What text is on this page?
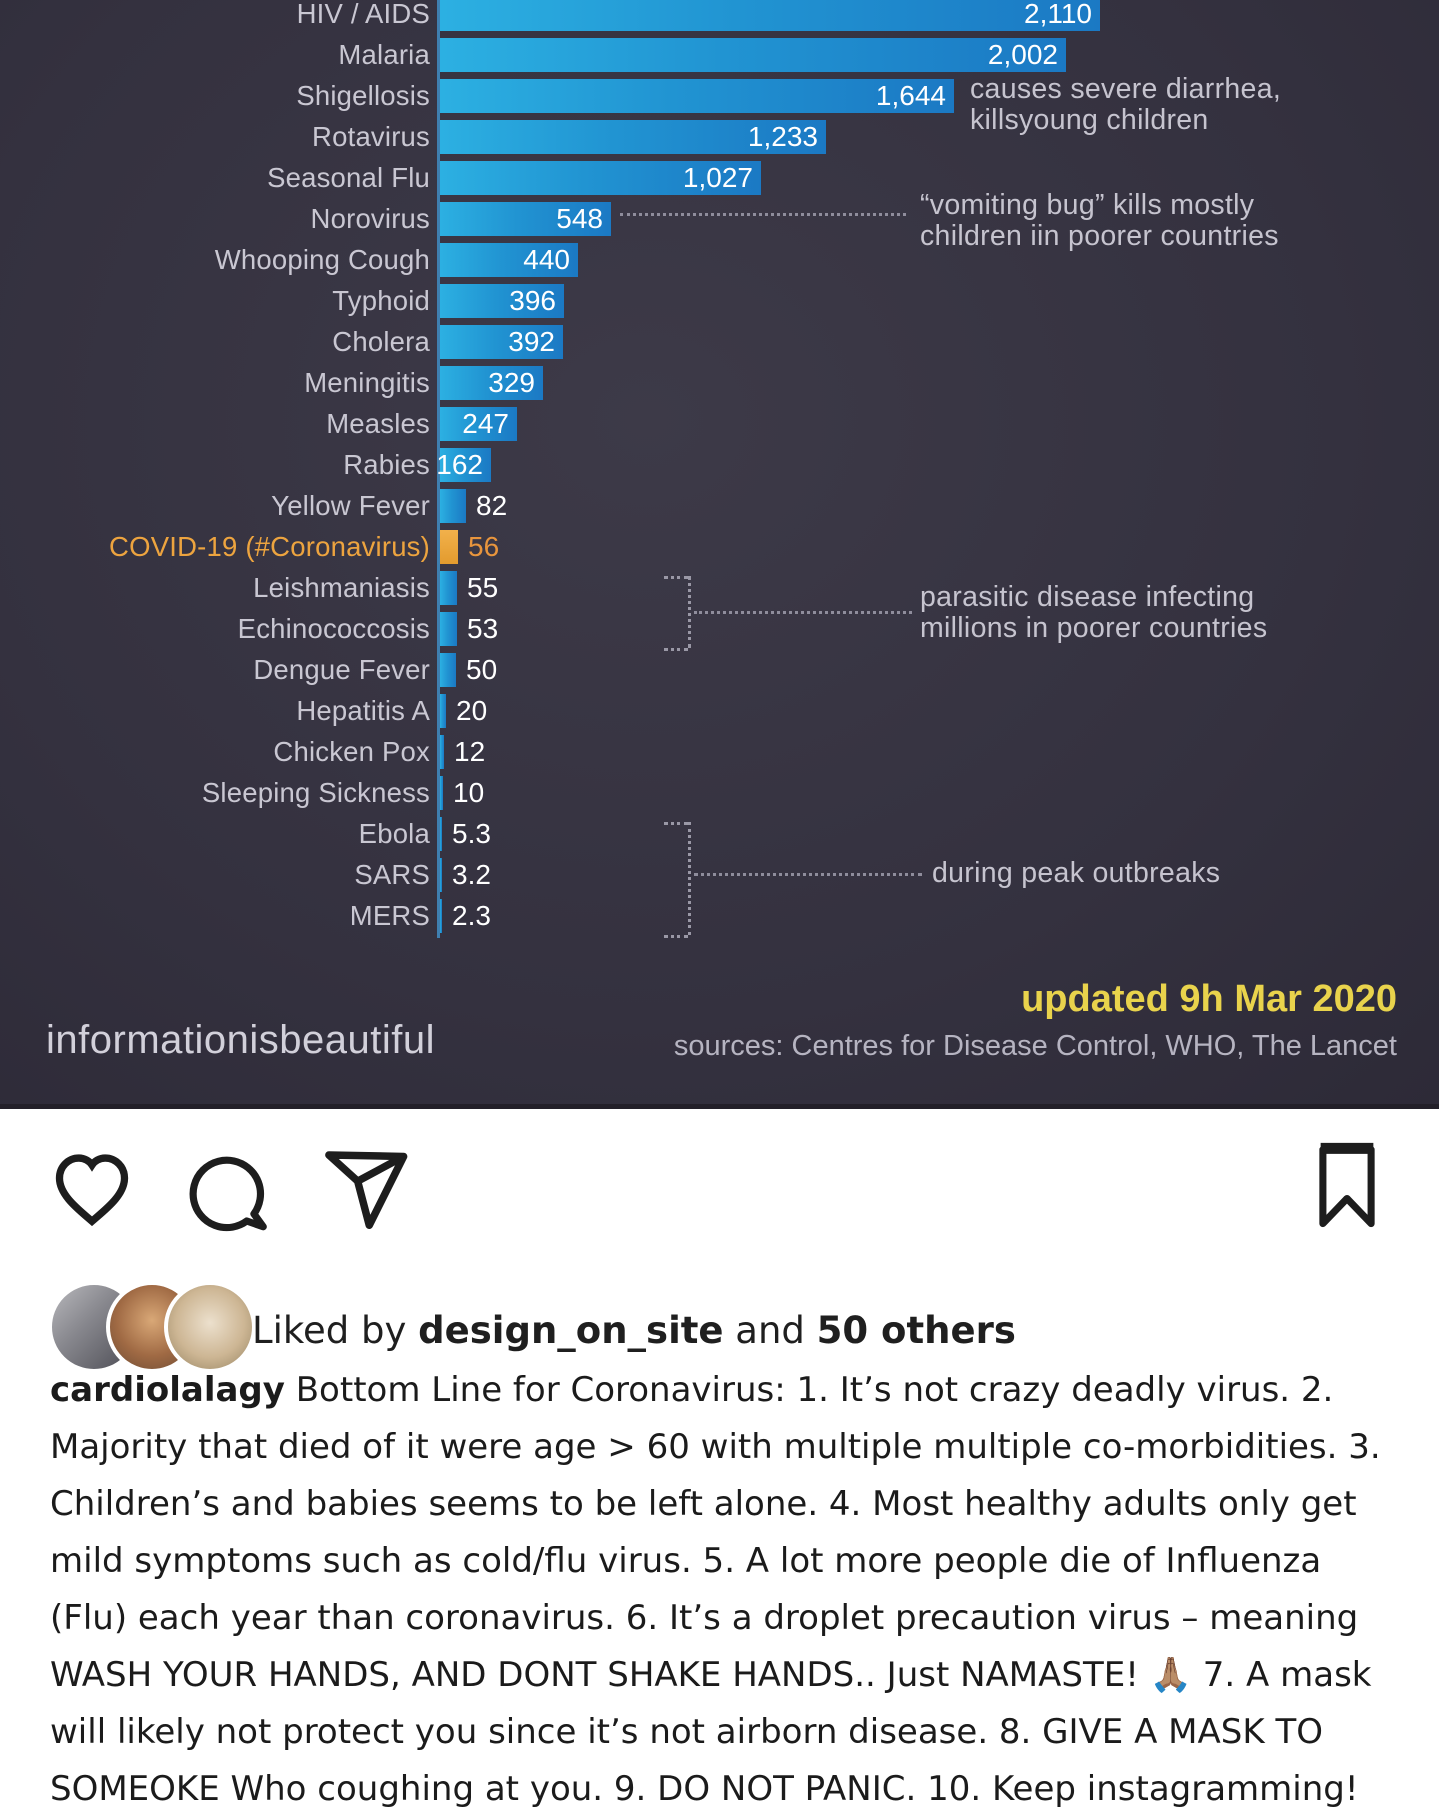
HIV / AIDS	2,110
Malaria	2,002
Shigellosis	1,644
Rotavirus	1,233
Seasonal Flu	1,027
Norovirus	548
Whooping Cough	440
Typhoid	396
Cholera	392
Meningitis 329
Measles 247
Rabies 162
Yellow Fever 82
COVID-19 (#Coronavirus) 56
Leishmaniasis 55
Echinococcosis 53
Dengue Fever 50
Hepatitis A 20
Chicken Pox 12
Sleeping Sickness 10
Ebola 5.3
SARS 3.2
MERS 2.3
causes severe diarrhea,
killsyoung children
“vomiting bug” kills mostly
children iin poorer countries
parasitic disease infecting
millions in poorer countries
during peak outbreaks
informationisbeautiful
updated 9h Mar 2020
sources: Centres for Disease Control, WHO, The Lancet
Liked by design_on_site and 50 others
cardiolalagy Bottom Line for Coronavirus: 1. It’s not crazy deadly virus. 2. Majority that died of it were age > 60 with multiple multiple co-morbidities. 3. Children’s and babies seems to be left alone. 4. Most healthy adults only get mild symptoms such as cold/flu virus. 5. A lot more people die of Influenza (Flu) each year than coronavirus. 6. It’s a droplet precaution virus – meaning WASH YOUR HANDS, AND DONT SHAKE HANDS.. Just NAMASTE! 🙏🏽 7. A mask will likely not protect you since it’s not airborn disease. 8. GIVE A MASK TO SOMEOKE Who coughing at you. 9. DO NOT PANIC. 10. Keep instagramming!
